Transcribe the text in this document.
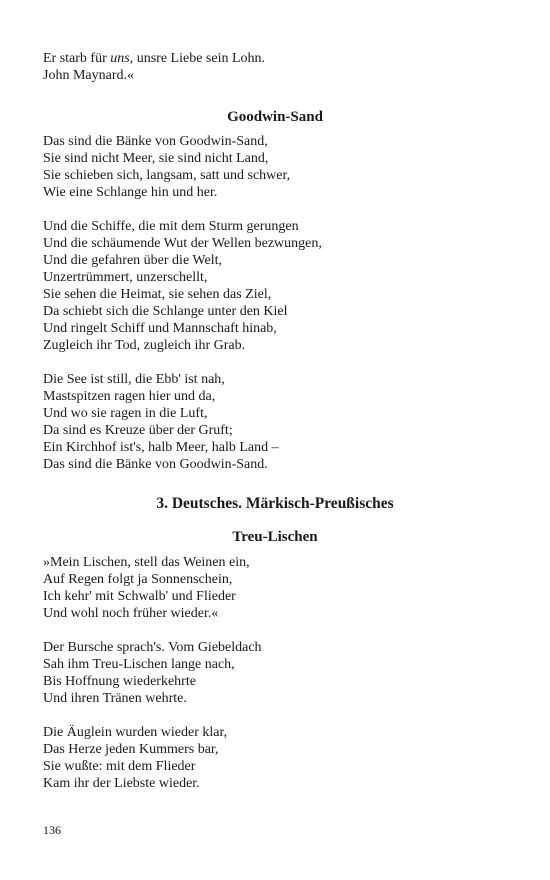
Er starb für uns, unsre Liebe sein Lohn.
John Maynard.«
Goodwin-Sand
Das sind die Bänke von Goodwin-Sand,
Sie sind nicht Meer, sie sind nicht Land,
Sie schieben sich, langsam, satt und schwer,
Wie eine Schlange hin und her.
Und die Schiffe, die mit dem Sturm gerungen
Und die schäumende Wut der Wellen bezwungen,
Und die gefahren über die Welt,
Unzertrümmert, unzerschellt,
Sie sehen die Heimat, sie sehen das Ziel,
Da schiebt sich die Schlange unter den Kiel
Und ringelt Schiff und Mannschaft hinab,
Zugleich ihr Tod, zugleich ihr Grab.
Die See ist still, die Ebb' ist nah,
Mastspitzen ragen hier und da,
Und wo sie ragen in die Luft,
Da sind es Kreuze über der Gruft;
Ein Kirchhof ist's, halb Meer, halb Land –
Das sind die Bänke von Goodwin-Sand.
3. Deutsches. Märkisch-Preußisches
Treu-Lischen
»Mein Lischen, stell das Weinen ein,
Auf Regen folgt ja Sonnenschein,
Ich kehr' mit Schwalb' und Flieder
Und wohl noch früher wieder.«
Der Bursche sprach's. Vom Giebeldach
Sah ihm Treu-Lischen lange nach,
Bis Hoffnung wiederkehrte
Und ihren Tränen wehrte.
Die Äuglein wurden wieder klar,
Das Herze jeden Kummers bar,
Sie wußte: mit dem Flieder
Kam ihr der Liebste wieder.
136
